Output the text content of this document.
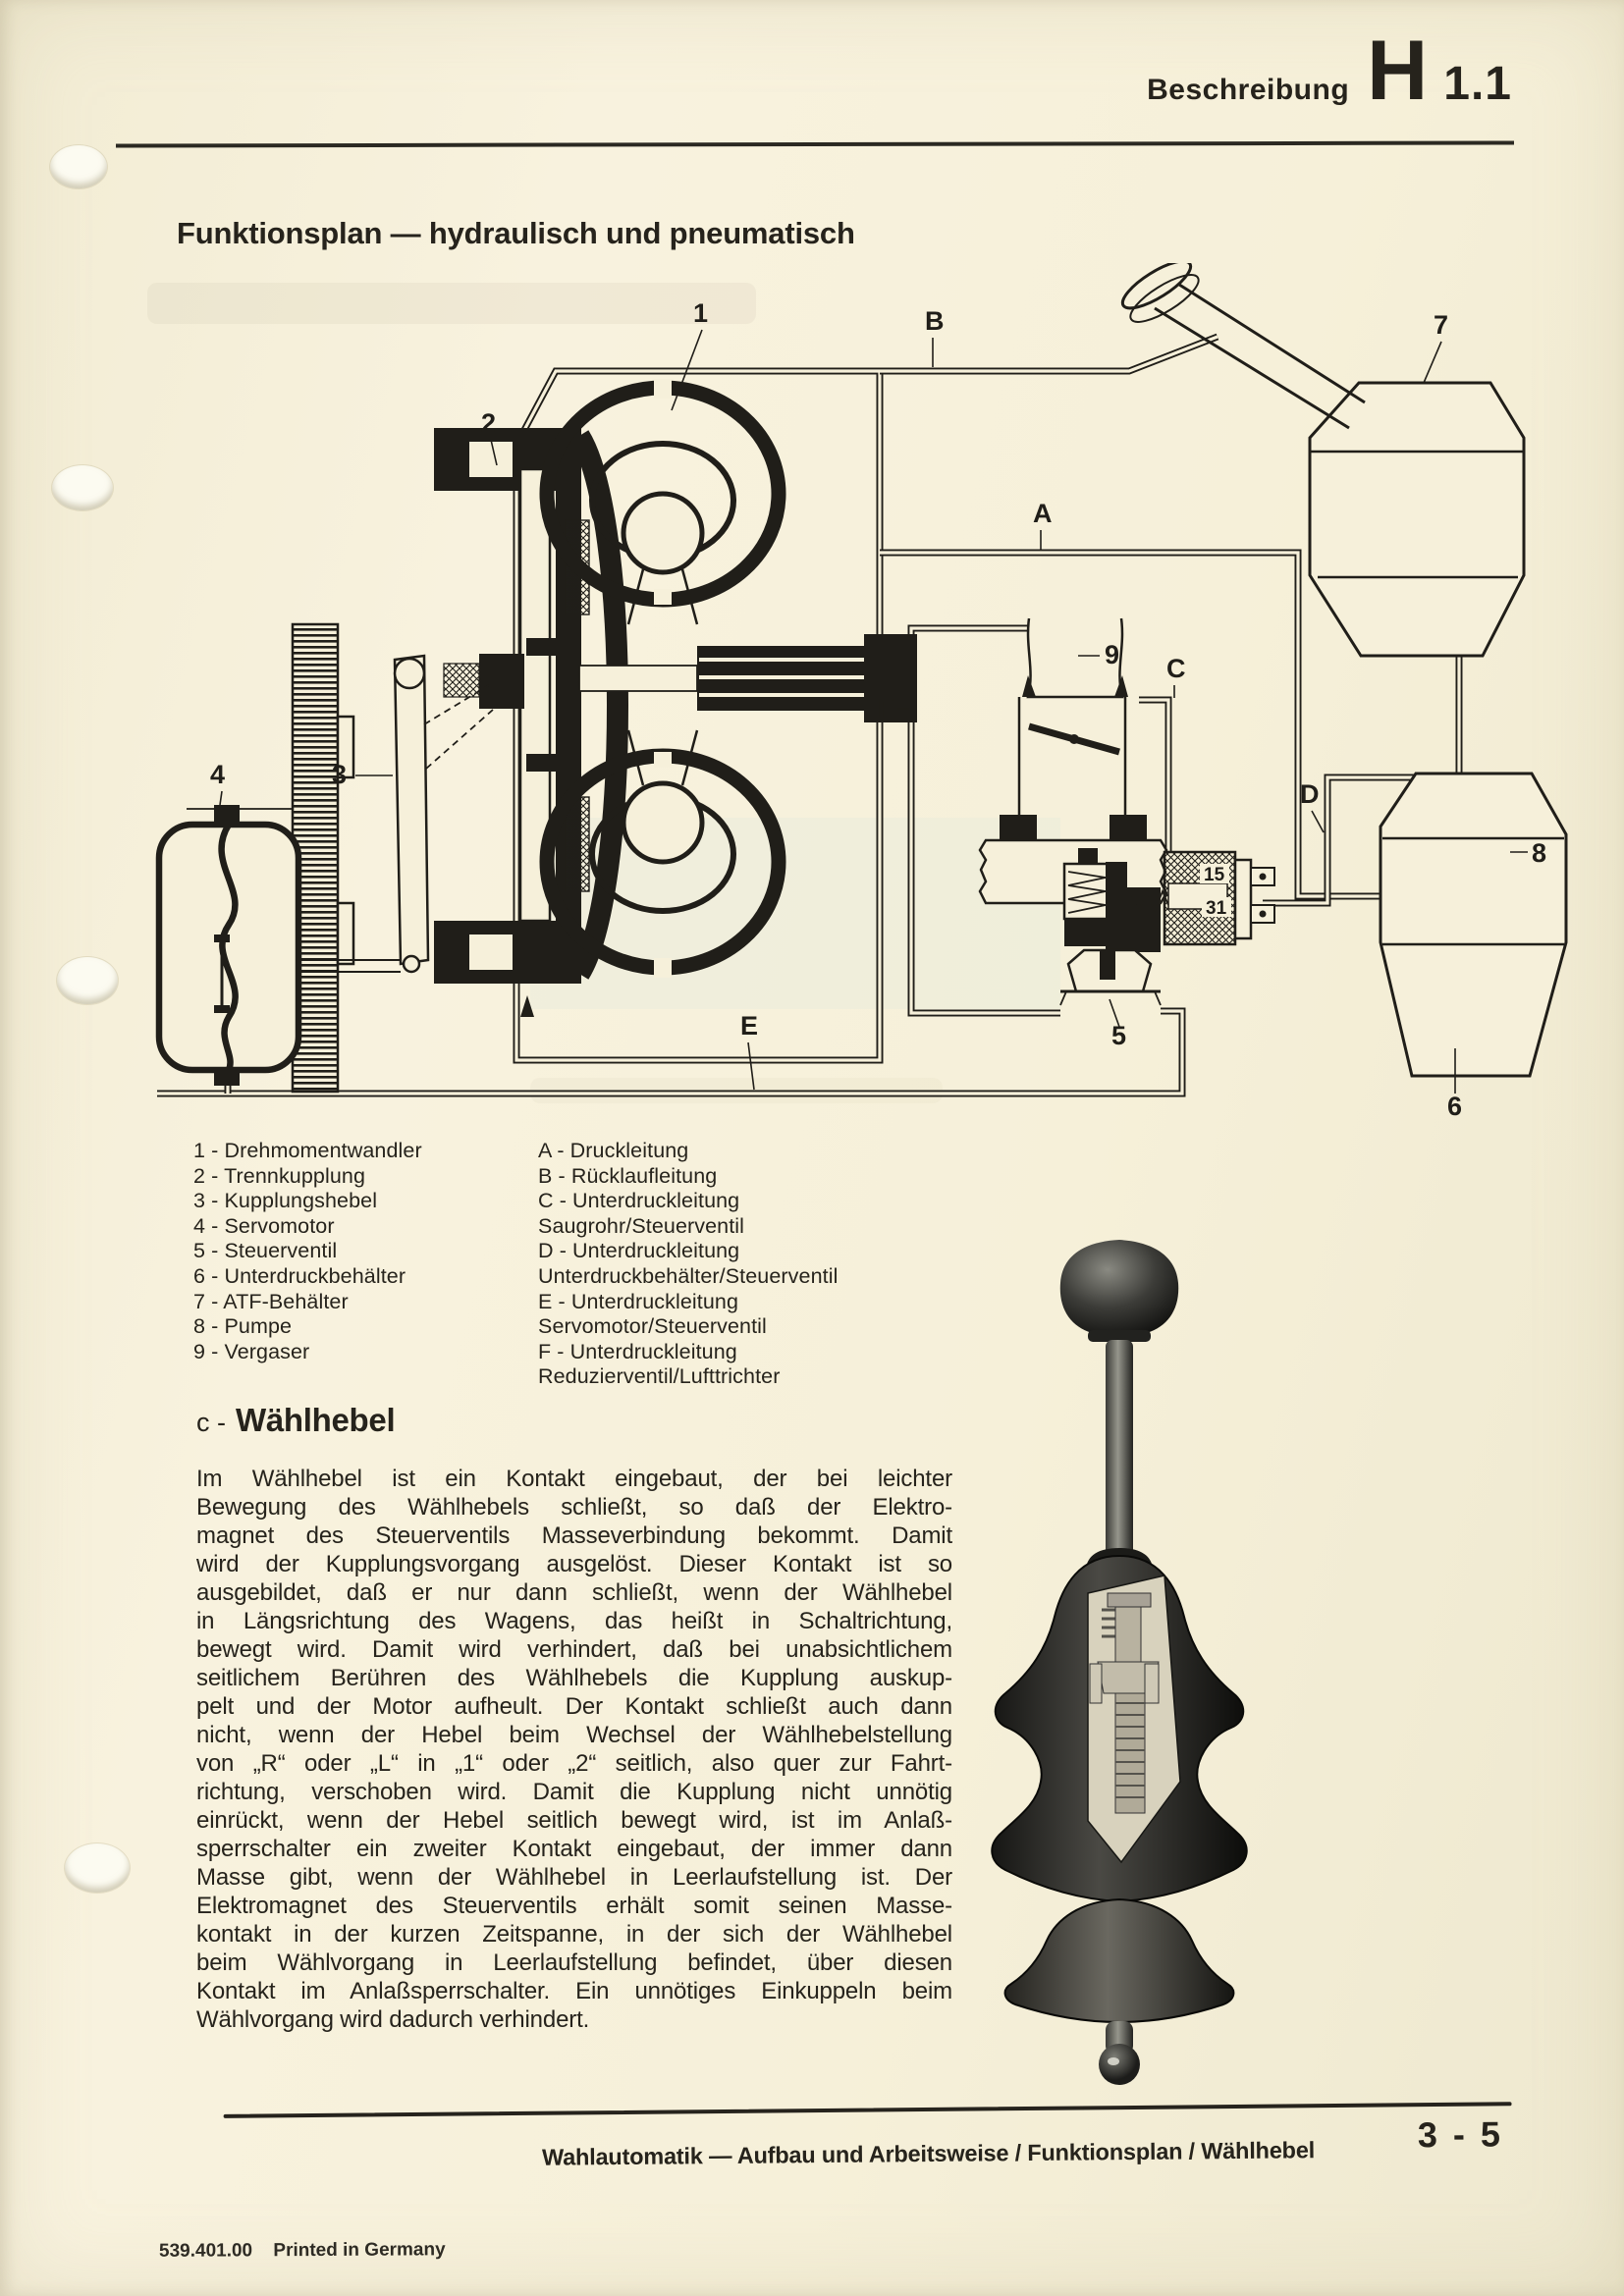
Beschreibung H 1.1
Funktionsplan — hydraulisch und pneumatisch
15
31
1
2
3
4
5
6
7
8
9
A
B
C
D
E
F
1 - Drehmomentwandler
2 - Trennkupplung
3 - Kupplungshebel
4 - Servomotor
5 - Steuerventil
6 - Unterdruckbehälter
7 - ATF-Behälter
8 - Pumpe
9 - Vergaser
A - Druckleitung
B - Rücklaufleitung
C - Unterdruckleitung
Saugrohr/Steuerventil
D - Unterdruckleitung
Unterdruckbehälter/Steuerventil
E - Unterdruckleitung
Servomotor/Steuerventil
F - Unterdruckleitung
Reduzierventil/Lufttrichter
c - Wählhebel
Im Wählhebel ist ein Kontakt eingebaut, der bei leichter
Bewegung des Wählhebels schließt, so daß der Elektro-
magnet des Steuerventils Masseverbindung bekommt. Damit
wird der Kupplungsvorgang ausgelöst. Dieser Kontakt ist so
ausgebildet, daß er nur dann schließt, wenn der Wählhebel
in Längsrichtung des Wagens, das heißt in Schaltrichtung,
bewegt wird. Damit wird verhindert, daß bei unabsichtlichem
seitlichem Berühren des Wählhebels die Kupplung auskup-
pelt und der Motor aufheult. Der Kontakt schließt auch dann
nicht, wenn der Hebel beim Wechsel der Wählhebelstellung
von „R“ oder „L“ in „1“ oder „2“ seitlich, also quer zur Fahrt-
richtung, verschoben wird. Damit die Kupplung nicht unnötig
einrückt, wenn der Hebel seitlich bewegt wird, ist im Anlaß-
sperrschalter ein zweiter Kontakt eingebaut, der immer dann
Masse gibt, wenn der Wählhebel in Leerlaufstellung ist. Der
Elektromagnet des Steuerventils erhält somit seinen Masse-
kontakt in der kurzen Zeitspanne, in der sich der Wählhebel
beim Wählvorgang in Leerlaufstellung befindet, über diesen
Kontakt im Anlaßsperrschalter. Ein unnötiges Einkuppeln beim
Wählvorgang wird dadurch verhindert.
Wahlautomatik — Aufbau und Arbeitsweise / Funktionsplan / Wählhebel	3 - 5
539.401.00 Printed in Germany
